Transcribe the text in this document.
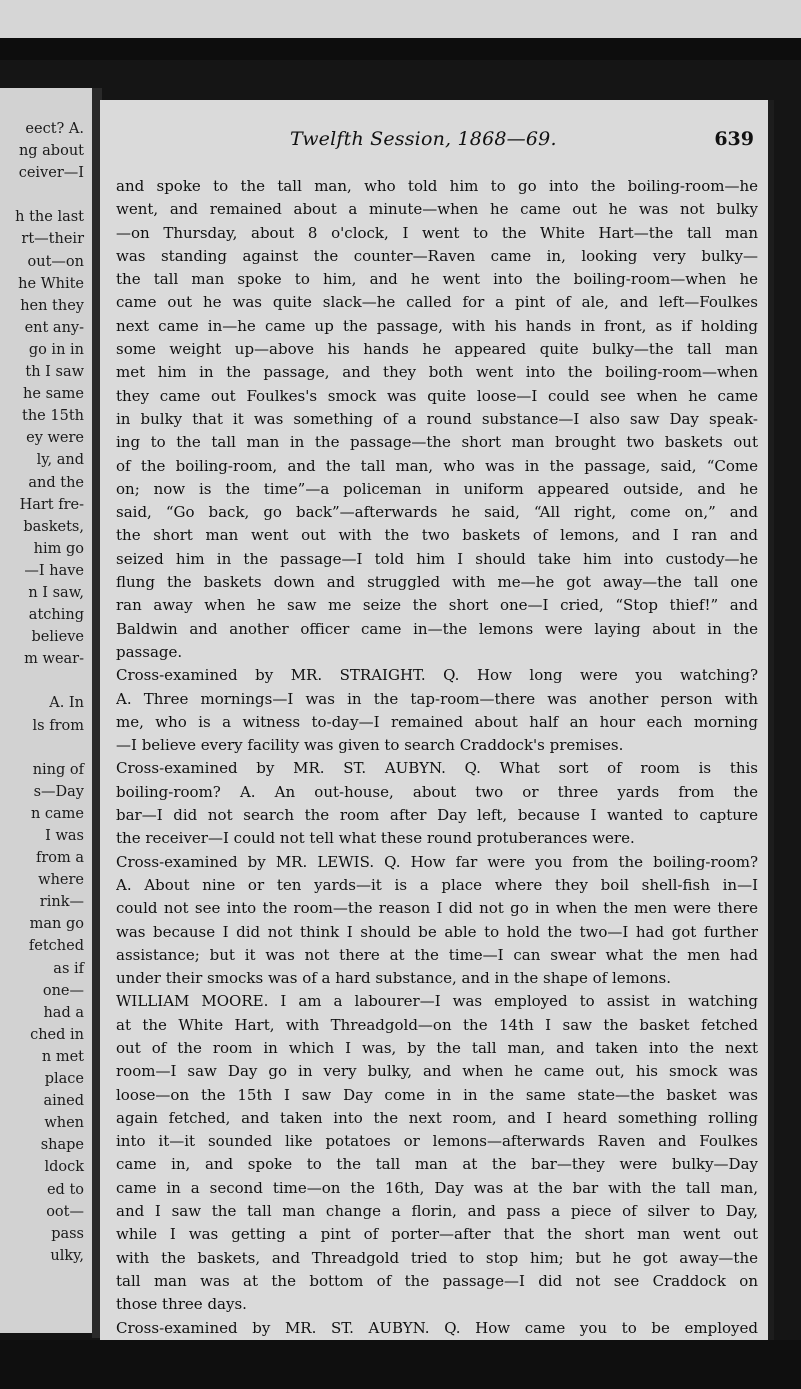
eect? A.
ng about
ceiver—I
h the last
rt—their
out—on
he White
hen they
ent any-
go in in
th I saw
he same
the 15th
ey were
ly, and
and the
Hart fre-
baskets,
him go
—I have
n I saw,
atching
believe
m wear-
A. In
ls from
ning of
s—Day
n came
I was
from a
where
rink—
man go
fetched
as if
one—
had a
ched in
n met
place
ained
when
shape
ldock
ed to
oot—
pass
ulky,
Twelfth Session, 1868—69.	639
and spoke to the tall man, who told him to go into the boiling-room—he
went, and remained about a minute—when he came out he was not bulky
—on Thursday, about 8 o'clock, I went to the White Hart—the tall man
was standing against the counter—Raven came in, looking very bulky—
the tall man spoke to him, and he went into the boiling-room—when he
came out he was quite slack—he called for a pint of ale, and left—Foulkes
next came in—he came up the passage, with his hands in front, as if holding
some weight up—above his hands he appeared quite bulky—the tall man
met him in the passage, and they both went into the boiling-room—when
they came out Foulkes's smock was quite loose—I could see when he came
in bulky that it was something of a round substance—I also saw Day speak-
ing to the tall man in the passage—the short man brought two baskets out
of the boiling-room, and the tall man, who was in the passage, said, “Come
on; now is the time”—a policeman in uniform appeared outside, and he
said, “Go back, go back”—afterwards he said, “All right, come on,” and
the short man went out with the two baskets of lemons, and I ran and
seized him in the passage—I told him I should take him into custody—he
flung the baskets down and struggled with me—he got away—the tall one
ran away when he saw me seize the short one—I cried, “Stop thief!” and
Baldwin and another officer came in—the lemons were laying about in the
passage.
Cross-examined by MR. STRAIGHT. Q. How long were you watching?
A. Three mornings—I was in the tap-room—there was another person with
me, who is a witness to-day—I remained about half an hour each morning
—I believe every facility was given to search Craddock's premises.
Cross-examined by MR. ST. AUBYN. Q. What sort of room is this
boiling-room? A. An out-house, about two or three yards from the
bar—I did not search the room after Day left, because I wanted to capture
the receiver—I could not tell what these round protuberances were.
Cross-examined by MR. LEWIS. Q. How far were you from the boiling-room?
A. About nine or ten yards—it is a place where they boil shell-fish in—I
could not see into the room—the reason I did not go in when the men were there
was because I did not think I should be able to hold the two—I had got further
assistance; but it was not there at the time—I can swear what the men had
under their smocks was of a hard substance, and in the shape of lemons.
WILLIAM MOORE. I am a labourer—I was employed to assist in watching
at the White Hart, with Threadgold—on the 14th I saw the basket fetched
out of the room in which I was, by the tall man, and taken into the next
room—I saw Day go in very bulky, and when he came out, his smock was
loose—on the 15th I saw Day come in in the same state—the basket was
again fetched, and taken into the next room, and I heard something rolling
into it—it sounded like potatoes or lemons—afterwards Raven and Foulkes
came in, and spoke to the tall man at the bar—they were bulky—Day
came in a second time—on the 16th, Day was at the bar with the tall man,
and I saw the tall man change a florin, and pass a piece of silver to Day,
while I was getting a pint of porter—after that the short man went out
with the baskets, and Threadgold tried to stop him; but he got away—the
tall man was at the bottom of the passage—I did not see Craddock on
those three days.
Cross-examined by MR. ST. AUBYN. Q. How came you to be employed
